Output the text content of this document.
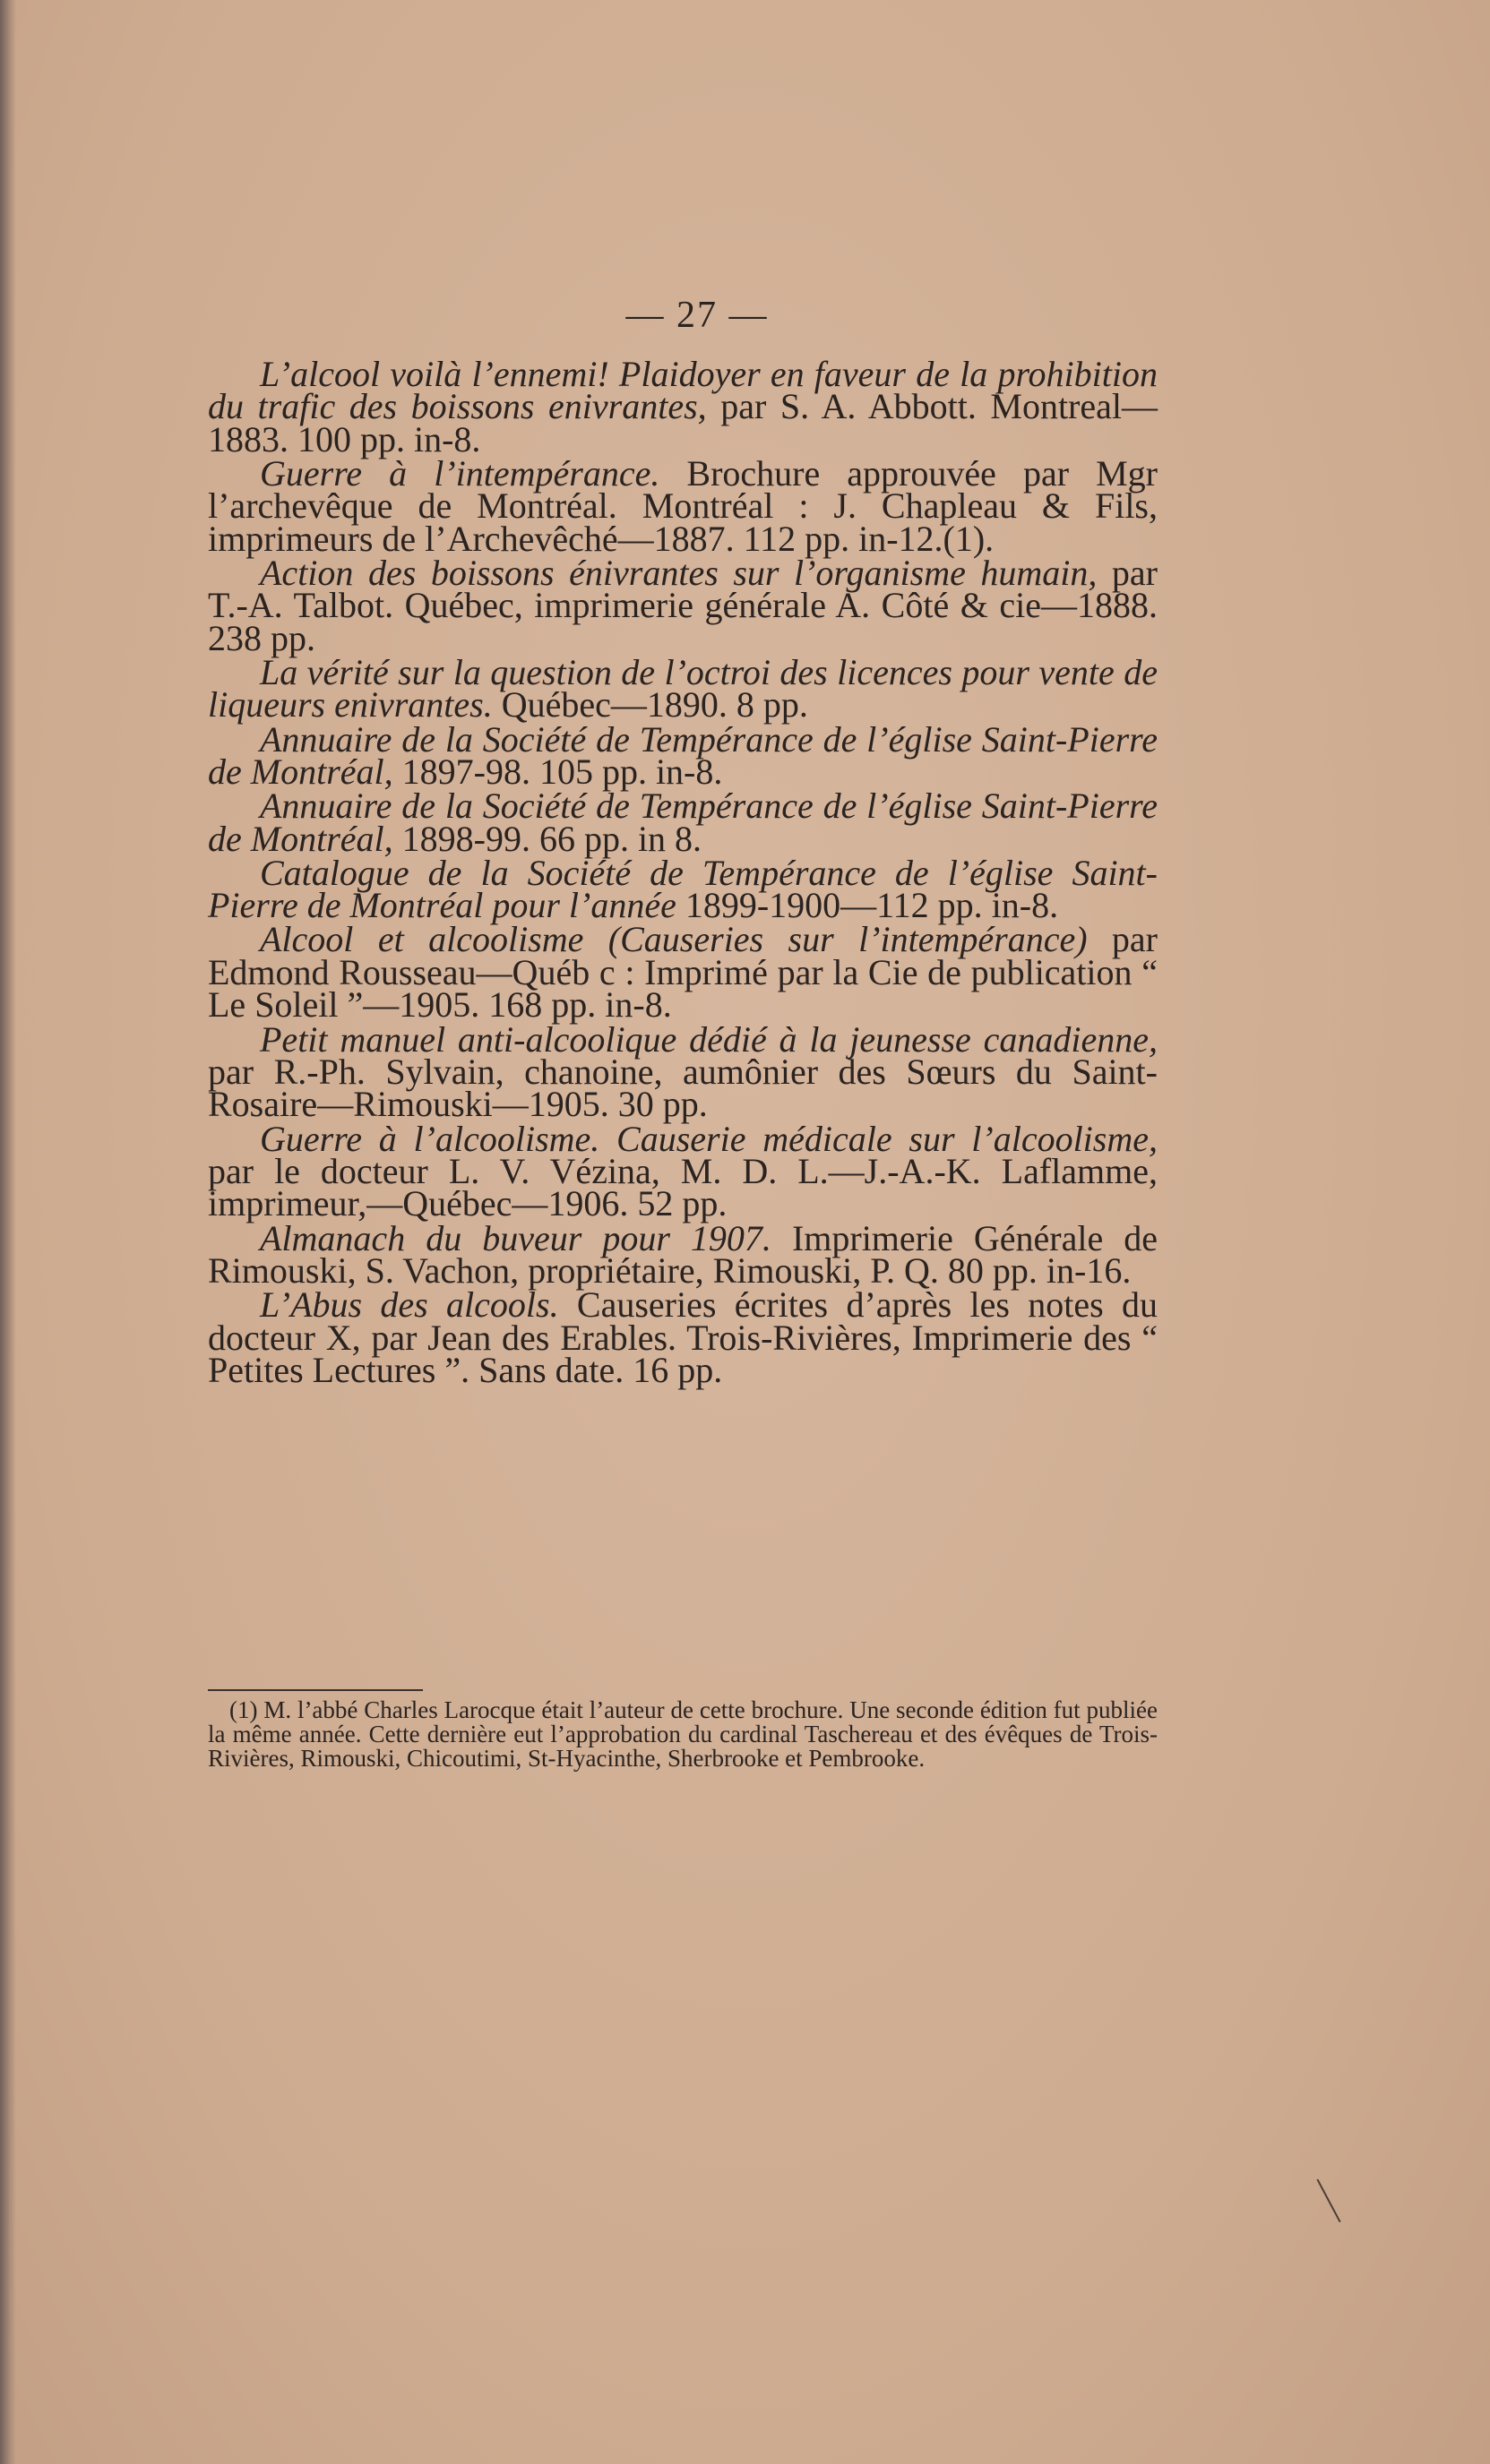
— 27 —

L’alcool voilà l’ennemi! Plaidoyer en faveur de la prohibition du trafic des boissons enivrantes, par S. A. Abbott. Montreal—1883. 100 pp. in-8.

Guerre à l’intempérance. Brochure approuvée par Mgr l’archevêque de Montréal. Montréal : J. Chapleau & Fils, imprimeurs de l’Archevêché—1887. 112 pp. in-12.(1).

Action des boissons énivrantes sur l’organisme humain, par T.-A. Talbot. Québec, imprimerie générale A. Côté & cie—1888. 238 pp.

La vérité sur la question de l’octroi des licences pour vente de liqueurs enivrantes. Québec—1890. 8 pp.

Annuaire de la Société de Tempérance de l’église Saint-Pierre de Montréal, 1897-98. 105 pp. in-8.

Annuaire de la Société de Tempérance de l’église Saint-Pierre de Montréal, 1898-99. 66 pp. in 8.

Catalogue de la Société de Tempérance de l’église Saint-Pierre de Montréal pour l’année 1899-1900—112 pp. in-8.

Alcool et alcoolisme (Causeries sur l’intempérance) par Edmond Rousseau—Québ c : Imprimé par la Cie de publication “ Le Soleil ”—1905. 168 pp. in-8.

Petit manuel anti-alcoolique dédié à la jeunesse canadienne, par R.-Ph. Sylvain, chanoine, aumônier des Sœurs du Saint-Rosaire—Rimouski—1905. 30 pp.

Guerre à l’alcoolisme. Causerie médicale sur l’alcoolisme, par le docteur L. V. Vézina, M. D. L.—J.-A.-K. Laflamme, imprimeur,—Québec—1906. 52 pp.

Almanach du buveur pour 1907. Imprimerie Générale de Rimouski, S. Vachon, propriétaire, Rimouski, P. Q. 80 pp. in-16.

L’Abus des alcools. Causeries écrites d’après les notes du docteur X, par Jean des Erables. Trois-Rivières, Imprimerie des “ Petites Lectures ”. Sans date. 16 pp.

(1) M. l’abbé Charles Larocque était l’auteur de cette brochure. Une seconde édition fut publiée la même année. Cette dernière eut l’approbation du cardinal Taschereau et des évêques de Trois-Rivières, Rimouski, Chicoutimi, St-Hyacinthe, Sherbrooke et Pembrooke.
